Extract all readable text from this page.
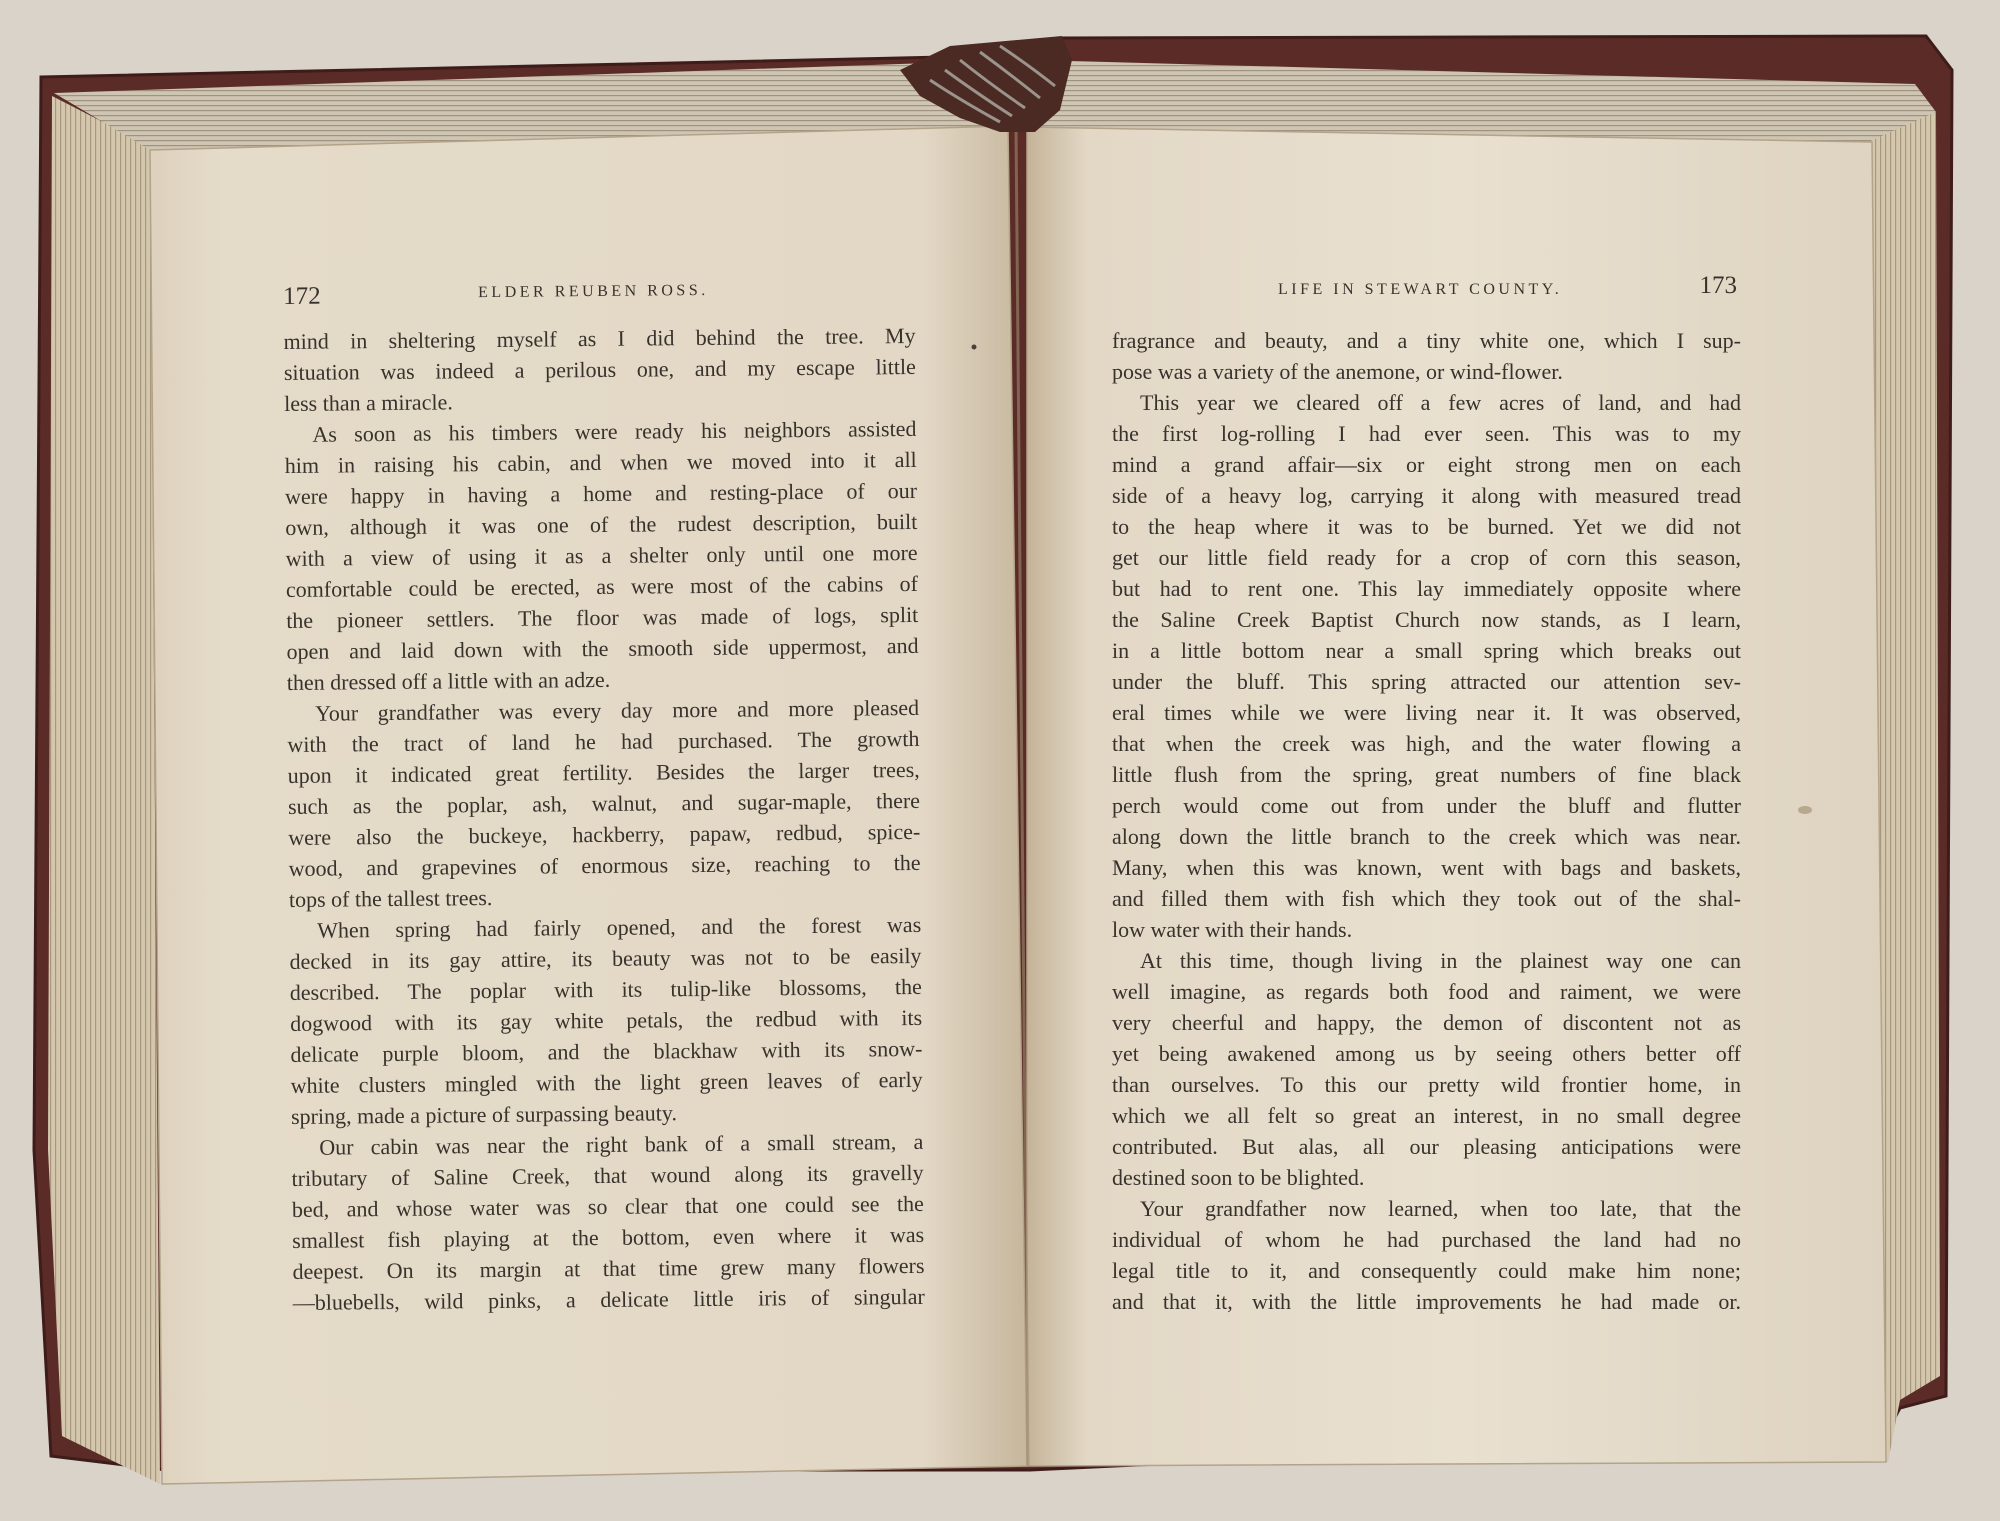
172	ELDER REUBEN ROSS.
mind in sheltering myself as I did behind the tree. My
situation was indeed a perilous one, and my escape little
less than a miracle.
As soon as his timbers were ready his neighbors assisted
him in raising his cabin, and when we moved into it all
were happy in having a home and resting-place of our
own, although it was one of the rudest description, built
with a view of using it as a shelter only until one more
comfortable could be erected, as were most of the cabins of
the pioneer settlers. The floor was made of logs, split
open and laid down with the smooth side uppermost, and
then dressed off a little with an adze.
Your grandfather was every day more and more pleased
with the tract of land he had purchased. The growth
upon it indicated great fertility. Besides the larger trees,
such as the poplar, ash, walnut, and sugar-maple, there
were also the buckeye, hackberry, papaw, redbud, spice-
wood, and grapevines of enormous size, reaching to the
tops of the tallest trees.
When spring had fairly opened, and the forest was
decked in its gay attire, its beauty was not to be easily
described. The poplar with its tulip-like blossoms, the
dogwood with its gay white petals, the redbud with its
delicate purple bloom, and the blackhaw with its snow-
white clusters mingled with the light green leaves of early
spring, made a picture of surpassing beauty.
Our cabin was near the right bank of a small stream, a
tributary of Saline Creek, that wound along its gravelly
bed, and whose water was so clear that one could see the
smallest fish playing at the bottom, even where it was
deepest. On its margin at that time grew many flowers
—bluebells, wild pinks, a delicate little iris of singular
LIFE IN STEWART COUNTY.	173
fragrance and beauty, and a tiny white one, which I sup-
pose was a variety of the anemone, or wind-flower.
This year we cleared off a few acres of land, and had
the first log-rolling I had ever seen. This was to my
mind a grand affair—six or eight strong men on each
side of a heavy log, carrying it along with measured tread
to the heap where it was to be burned. Yet we did not
get our little field ready for a crop of corn this season,
but had to rent one. This lay immediately opposite where
the Saline Creek Baptist Church now stands, as I learn,
in a little bottom near a small spring which breaks out
under the bluff. This spring attracted our attention sev-
eral times while we were living near it. It was observed,
that when the creek was high, and the water flowing a
little flush from the spring, great numbers of fine black
perch would come out from under the bluff and flutter
along down the little branch to the creek which was near.
Many, when this was known, went with bags and baskets,
and filled them with fish which they took out of the shal-
low water with their hands.
At this time, though living in the plainest way one can
well imagine, as regards both food and raiment, we were
very cheerful and happy, the demon of discontent not as
yet being awakened among us by seeing others better off
than ourselves. To this our pretty wild frontier home, in
which we all felt so great an interest, in no small degree
contributed. But alas, all our pleasing anticipations were
destined soon to be blighted.
Your grandfather now learned, when too late, that the
individual of whom he had purchased the land had no
legal title to it, and consequently could make him none;
and that it, with the little improvements he had made or.
